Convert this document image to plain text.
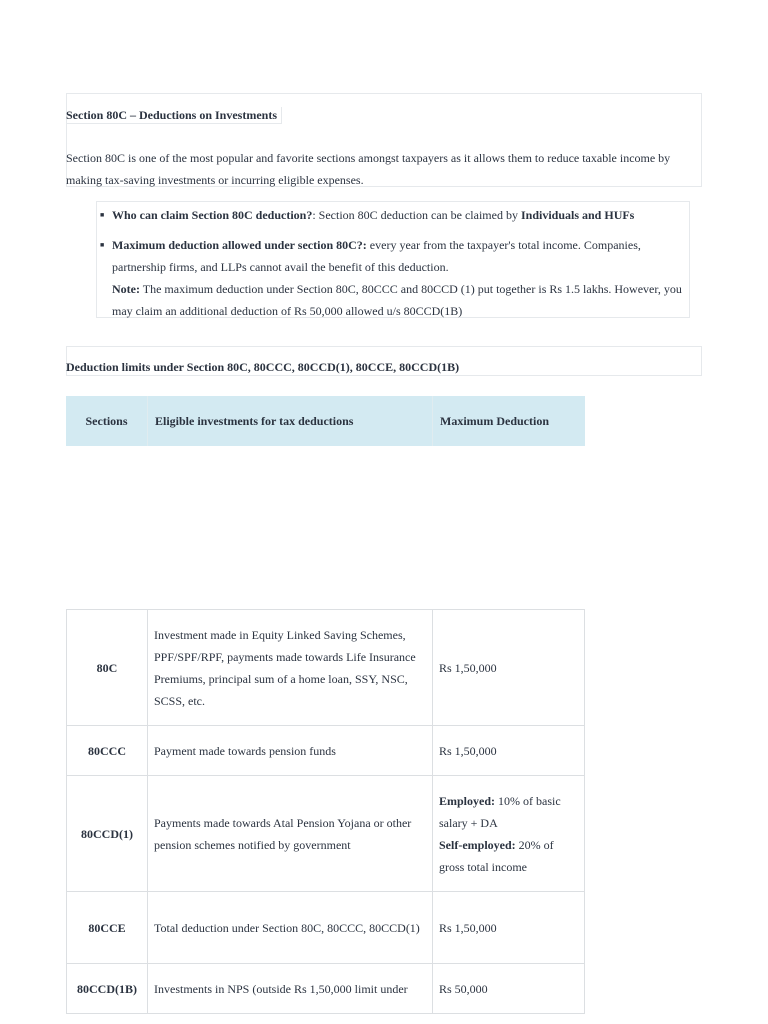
Section 80C – Deductions on Investments
Section 80C is one of the most popular and favorite sections amongst taxpayers as it allows them to reduce taxable income by making tax-saving investments or incurring eligible expenses.
■ Who can claim Section 80C deduction?: Section 80C deduction can be claimed by Individuals and HUFs
■ Maximum deduction allowed under section 80C?: every year from the taxpayer's total income. Companies, partnership firms, and LLPs cannot avail the benefit of this deduction.
Note: The maximum deduction under Section 80C, 80CCC and 80CCD (1) put together is Rs 1.5 lakhs. However, you may claim an additional deduction of Rs 50,000 allowed u/s 80CCD(1B)
Deduction limits under Section 80C, 80CCC, 80CCD(1), 80CCE, 80CCD(1B)
Sections	Eligible investments for tax deductions	Maximum Deduction
80C	Investment made in Equity Linked Saving Schemes, PPF/SPF/RPF, payments made towards Life Insurance Premiums, principal sum of a home loan, SSY, NSC, SCSS, etc.	Rs 1,50,000
80CCC	Payment made towards pension funds	Rs 1,50,000
80CCD(1)	Payments made towards Atal Pension Yojana or other pension schemes notified by government	Employed: 10% of basic salary + DA
Self-employed: 20% of gross total income
80CCE	Total deduction under Section 80C, 80CCC, 80CCD(1)	Rs 1,50,000
80CCD(1B)	Investments in NPS (outside Rs 1,50,000 limit under	Rs 50,000
